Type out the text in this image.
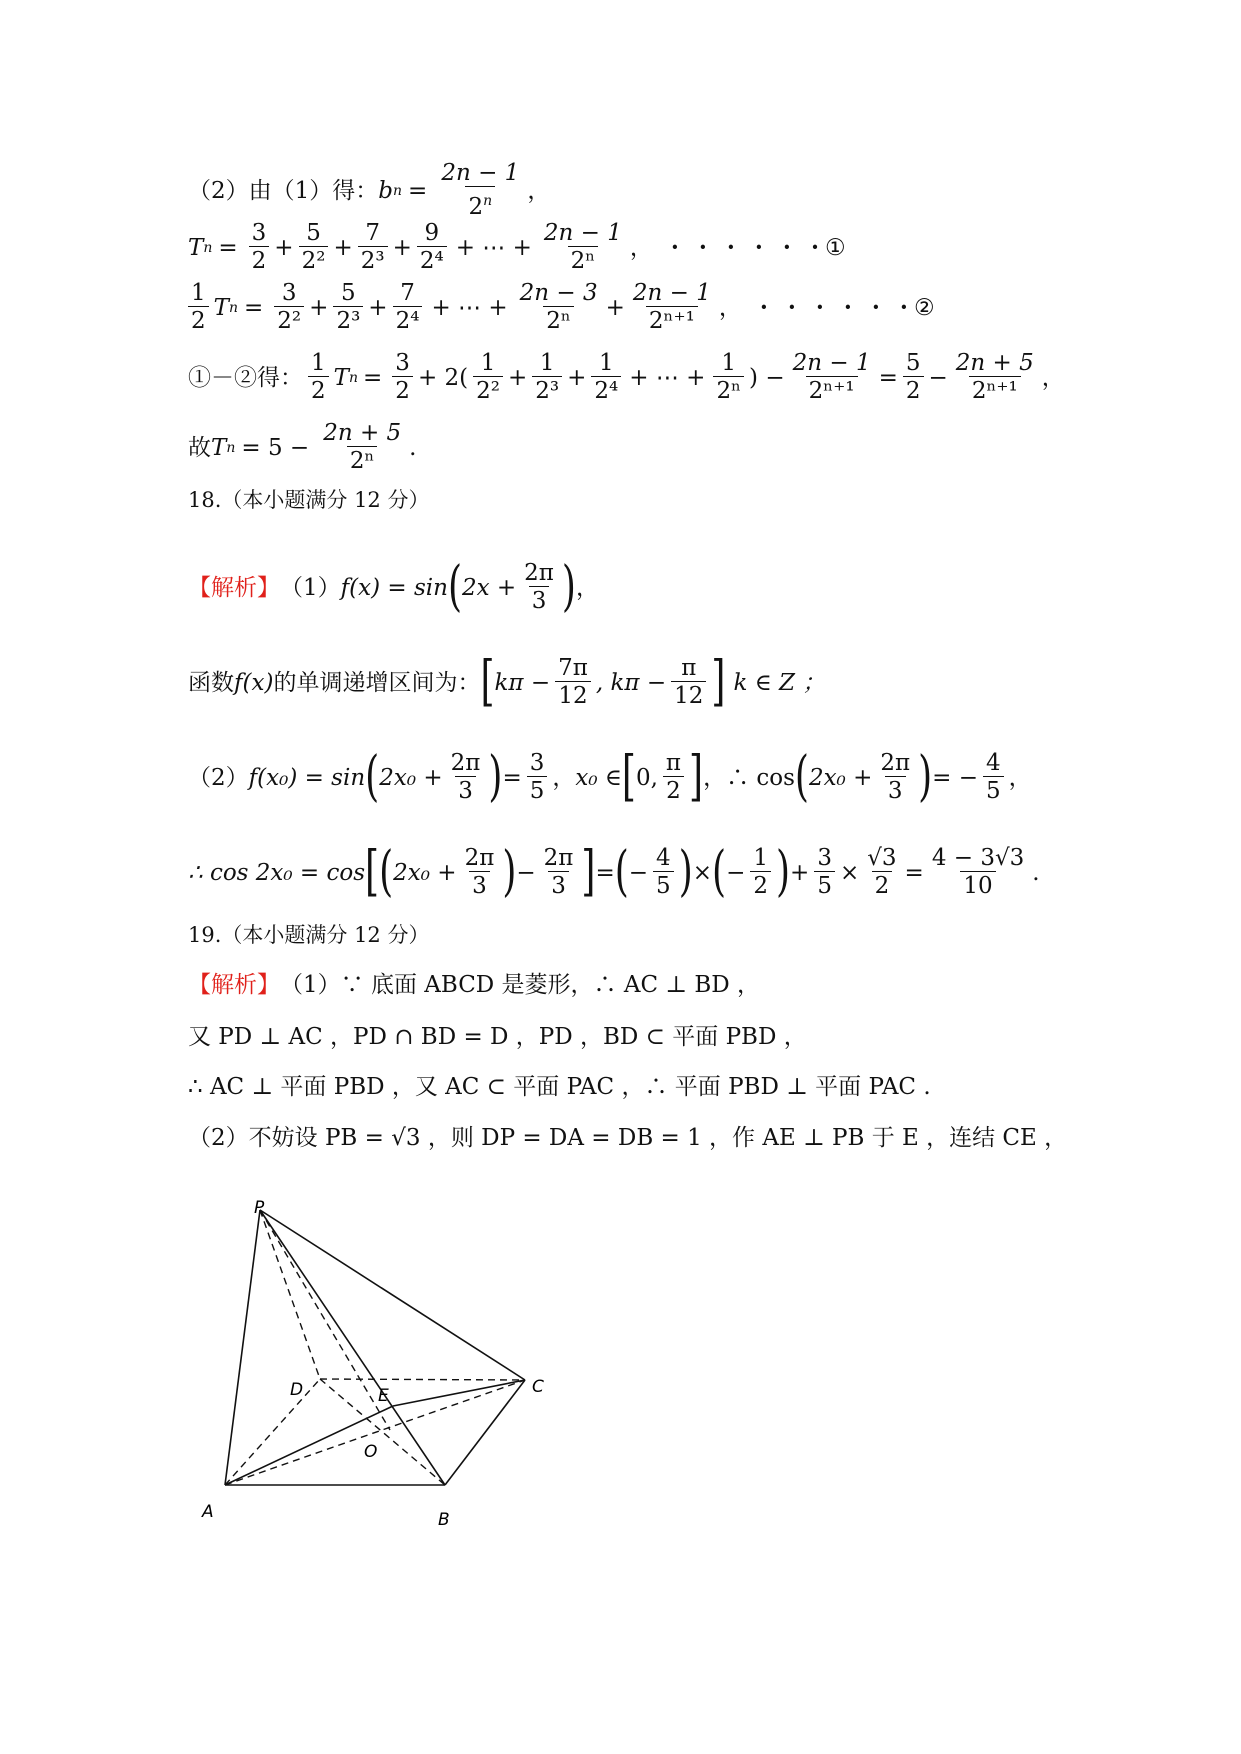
（2）由（1）得： b $n = \frac{2n - 1}{2^n}$ ，
T $n = \frac{3}{2} + \frac{5}{\text{2²}} + \frac{7}{\text{2³}} + \frac{9}{\text{2⁴}}$ + ⋯ + $\frac{2n - 1}{\text{2ⁿ}}$ ， · · · · · · ①
$\frac{1}{2}$ T $n = \frac{3}{\text{2²}} + \frac{5}{\text{2³}} + \frac{7}{\text{2⁴}}$ + ⋯ + $\frac{2n - 3}{\text{2ⁿ}} + \frac{2n - 1}{\text{2ⁿ⁺¹}}$ ， · · · · · · ②
①－②得： $\frac{1}{2}$ T $n = \frac{3}{2} + 2( \frac{1}{\text{2²}} + \frac{1}{\text{2³}} + \frac{1}{\text{2⁴}}$ + ⋯ + $\frac{1}{\text{2ⁿ}}$ ) − $\frac{2n - 1}{\text{2ⁿ⁺¹}} = \frac{5}{2} - \frac{2n + 5}{\text{2ⁿ⁺¹}}$ ，
故 T $n = 5 - \frac{2n + 5}{\text{2ⁿ}}$ .
18.（本小题满分 12 分）
【解析】 （1） f(x) = sin ( $2x + \frac{2\pi}{3}$ ) ，
函数 f(x) 的单调递增区间为： [ $k\pi - \frac{7\pi}{12}$ , $k\pi - \frac{\pi}{12}$ ] k ∈ Z ；
（2） f(x₀) = sin ( $2x_0 + \frac{2\pi}{3}$ ) = $\frac{3}{5}$ ， x₀ ∈ [ 0, $\frac{\pi}{2}$ ] ，∴ cos ( $2x_0 + \frac{2\pi}{3}$ ) = − $\frac{4}{5}$ ，
∴ cos 2x₀ = cos [ ( $2x_0 + \frac{2\pi}{3}$ ) − $\frac{2\pi}{3}$ ] = ( − $\frac{4}{5}$ ) × ( − $\frac{1}{2}$ ) + $\frac{3}{5} \times \frac{√3}{2} = \frac{4 - 3√3}{10}$ .
19.（本小题满分 12 分）
【解析】 （1）∵ 底面 ABCD 是菱形，∴ AC ⊥ BD ，
又 PD ⊥ AC ，PD ∩ BD = D ，PD ，BD ⊂ 平面 PBD ，
∴ AC ⊥ 平面 PBD ，又 AC ⊂ 平面 PAC ，∴ 平面 PBD ⊥ 平面 PAC .
（2）不妨设 PB = √3 ，则 DP = DA = DB = 1 ，作 AE ⊥ PB 于 E ，连结 CE ，
P
D	E	C
O
A	B
